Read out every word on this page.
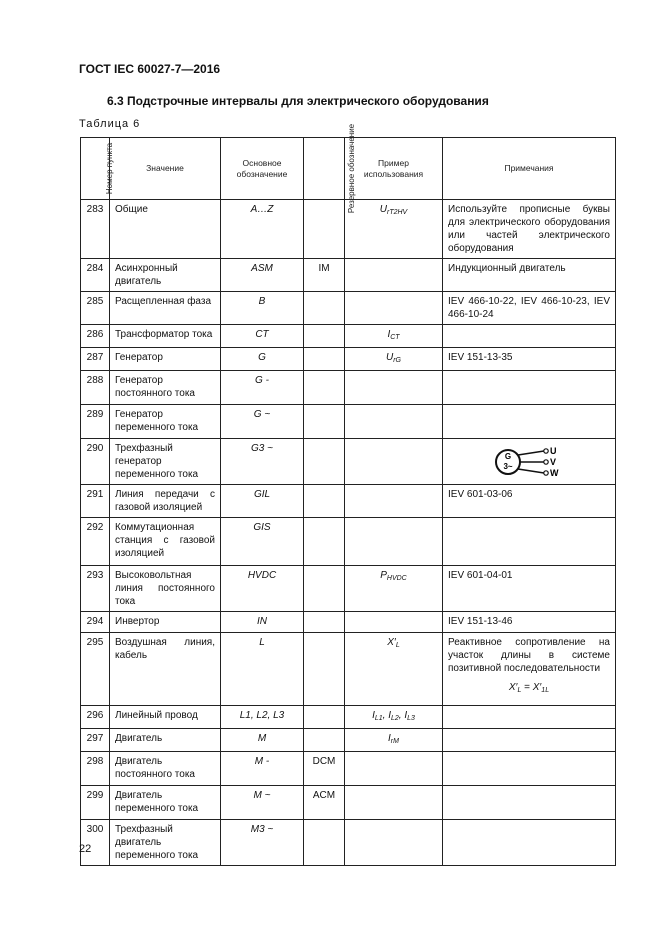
ГОСТ IEC 60027-7—2016
6.3 Подстрочные интервалы для электрического оборудования
Таблица 6
Номер пункта	Значение	Основное обозначение	Резервное обозначение	Пример использования	Примечания
283	Общие	A…Z		$U_{rT2HV}$	Используйте прописные буквы для электрического оборудования или частей электрического оборудования

284	Асинхронный двигатель	ASM	IM		Индукционный двигатель

285	Расщепленная фаза	B			IEV 466-10-22, IEV 466-10-23, IEV 466-10-24

286	Трансформатор тока	CT		$I_{CT}$	

287	Генератор	G		$U_{rG}$	IEV 151-13-35

288	Генератор постоянного тока	G -			

289	Генератор переменного тока	G ~			

290	Трехфазный генератор переменного тока	G3 ~			G
3~
U
V
W

291	Линия передачи с газовой изоляцией	GIL			IEV 601-03-06

292	Коммутационная станция с газовой изоляцией	GIS			

293	Высоковольтная линия постоянного тока	HVDC		$P_{HVDC}$	IEV 601-04-01

294	Инвертор	IN			IEV 151-13-46

295	Воздушная линия, кабель	L		$X'_L$	Реактивное сопротивление на участок длины в системе позитивной последовательности
$X'_L = X'_{1L}$

296	Линейный провод	L1, L2, L3		$I_{L1}$, $I_{L2}$, $I_{L3}$	

297	Двигатель	M		$I_{rM}$	

298	Двигатель постоянного тока	M -	DCM		

299	Двигатель переменного тока	M ~	ACM		

300	Трехфазный двигатель переменного тока	M3 ~			
22
